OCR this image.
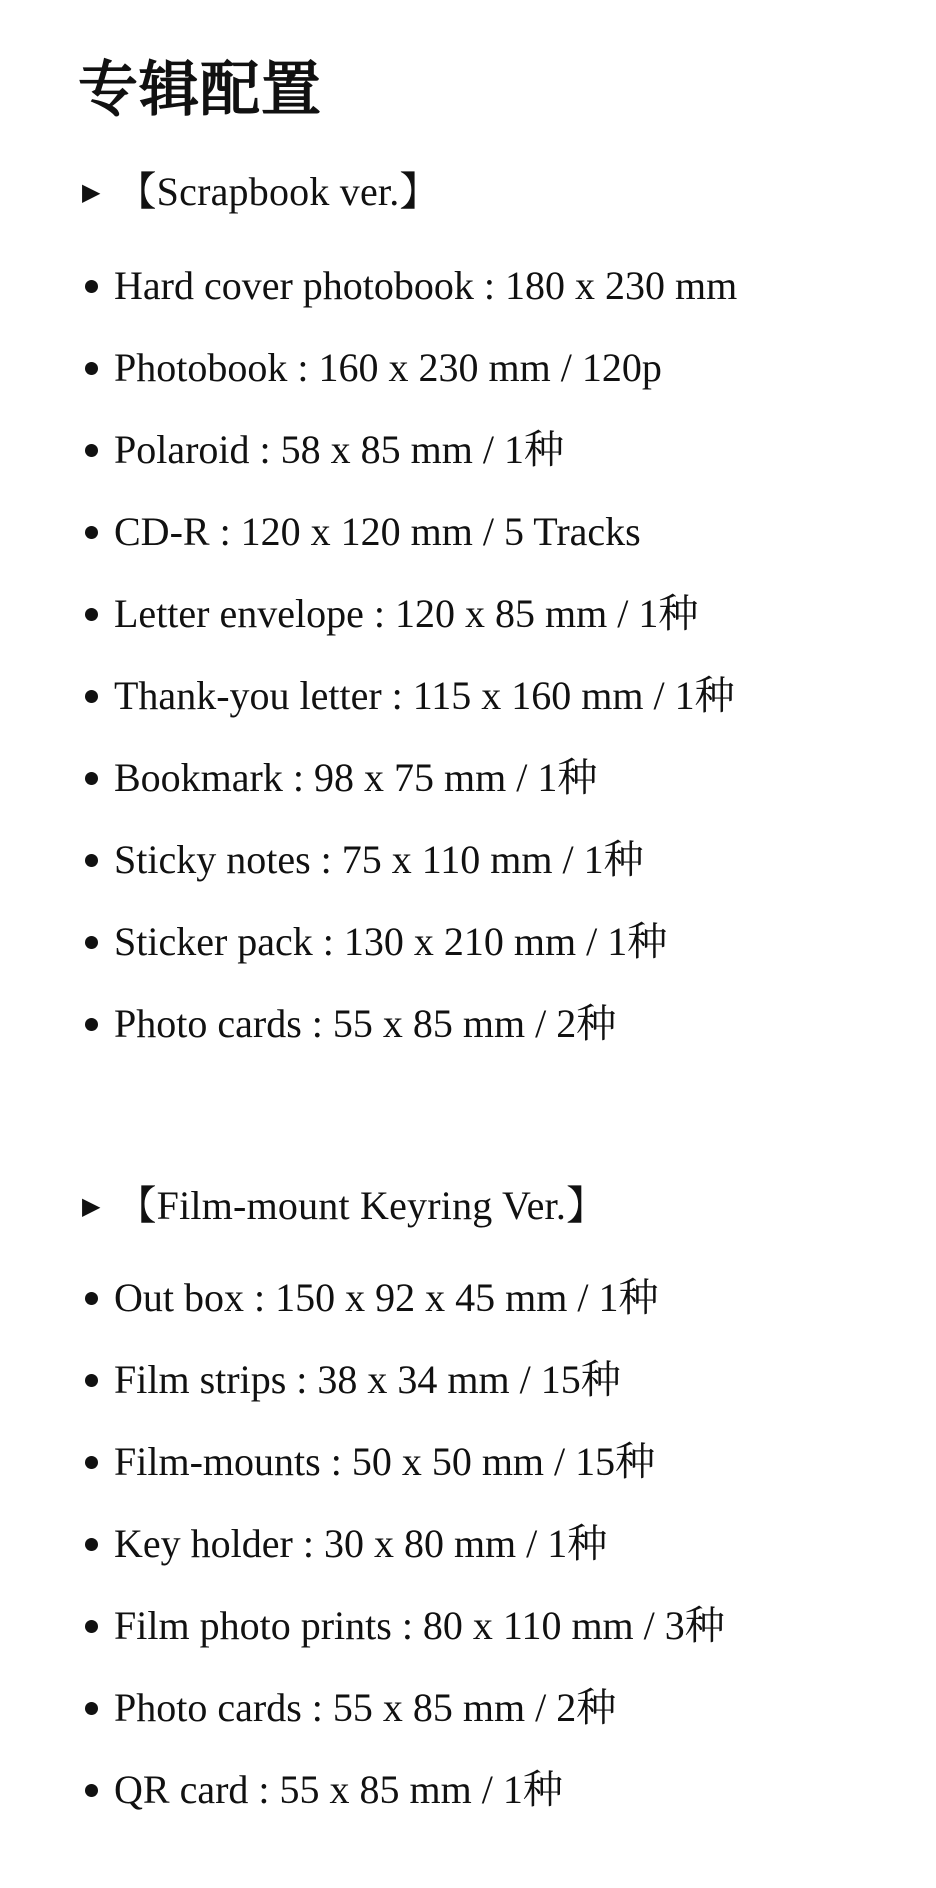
专辑配置
▶ 【Scrapbook ver.】
Hard cover photobook : 180 x 230 mm
Photobook : 160 x 230 mm / 120p
Polaroid : 58 x 85 mm / 1种
CD-R : 120 x 120 mm / 5 Tracks
Letter envelope : 120 x 85 mm / 1种
Thank-you letter : 115 x 160 mm / 1种
Bookmark : 98 x 75 mm / 1种
Sticky notes : 75 x 110 mm / 1种
Sticker pack : 130 x 210 mm / 1种
Photo cards : 55 x 85 mm / 2种
▶ 【Film-mount Keyring Ver.】
Out box : 150 x 92 x 45 mm / 1种
Film strips : 38 x 34 mm / 15种
Film-mounts : 50 x 50 mm / 15种
Key holder : 30 x 80 mm / 1种
Film photo prints : 80 x 110 mm / 3种
Photo cards : 55 x 85 mm / 2种
QR card : 55 x 85 mm / 1种
